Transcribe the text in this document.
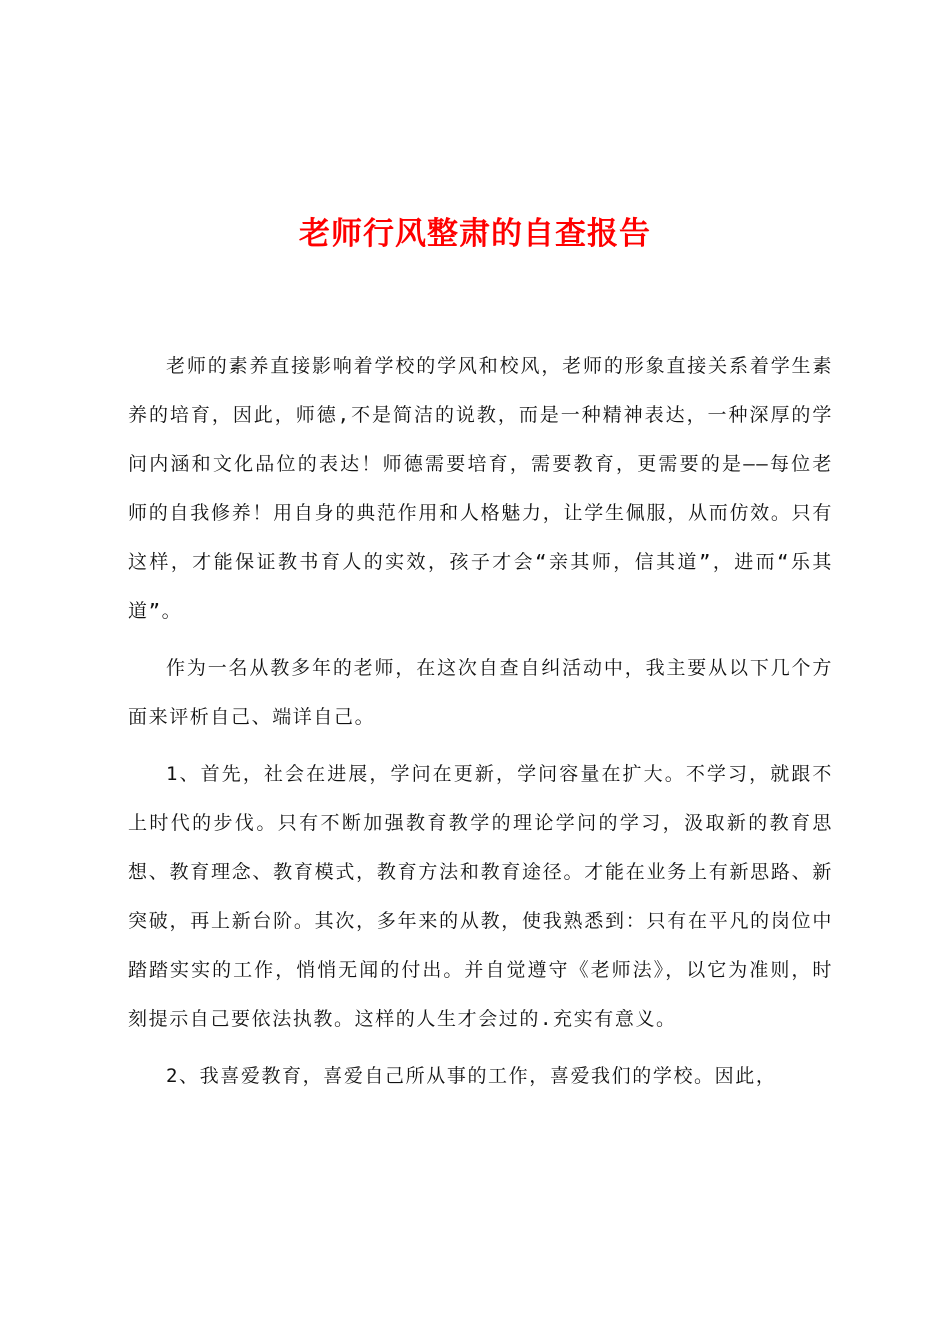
老师行风整肃的自查报告

老师的素养直接影响着学校的学风和校风，老师的形象直接关系着学生素养的培育，因此，师德,不是简洁的说教，而是一种精神表达，一种深厚的学问内涵和文化品位的表达！师德需要培育，需要教育，更需要的是——每位老师的自我修养！用自身的典范作用和人格魅力，让学生佩服，从而仿效。只有这样，才能保证教书育人的实效，孩子才会“亲其师，信其道”，进而“乐其道”。

作为一名从教多年的老师，在这次自查自纠活动中，我主要从以下几个方面来评析自己、端详自己。

1、首先，社会在进展，学问在更新，学问容量在扩大。不学习，就跟不上时代的步伐。只有不断加强教育教学的理论学问的学习，汲取新的教育思想、教育理念、教育模式，教育方法和教育途径。才能在业务上有新思路、新突破，再上新台阶。其次，多年来的从教，使我熟悉到：只有在平凡的岗位中踏踏实实的工作，悄悄无闻的付出。并自觉遵守《老师法》，以它为准则，时刻提示自己要依法执教。这样的人生才会过的.充实有意义。

2、我喜爱教育，喜爱自己所从事的工作，喜爱我们的学校。因此，
